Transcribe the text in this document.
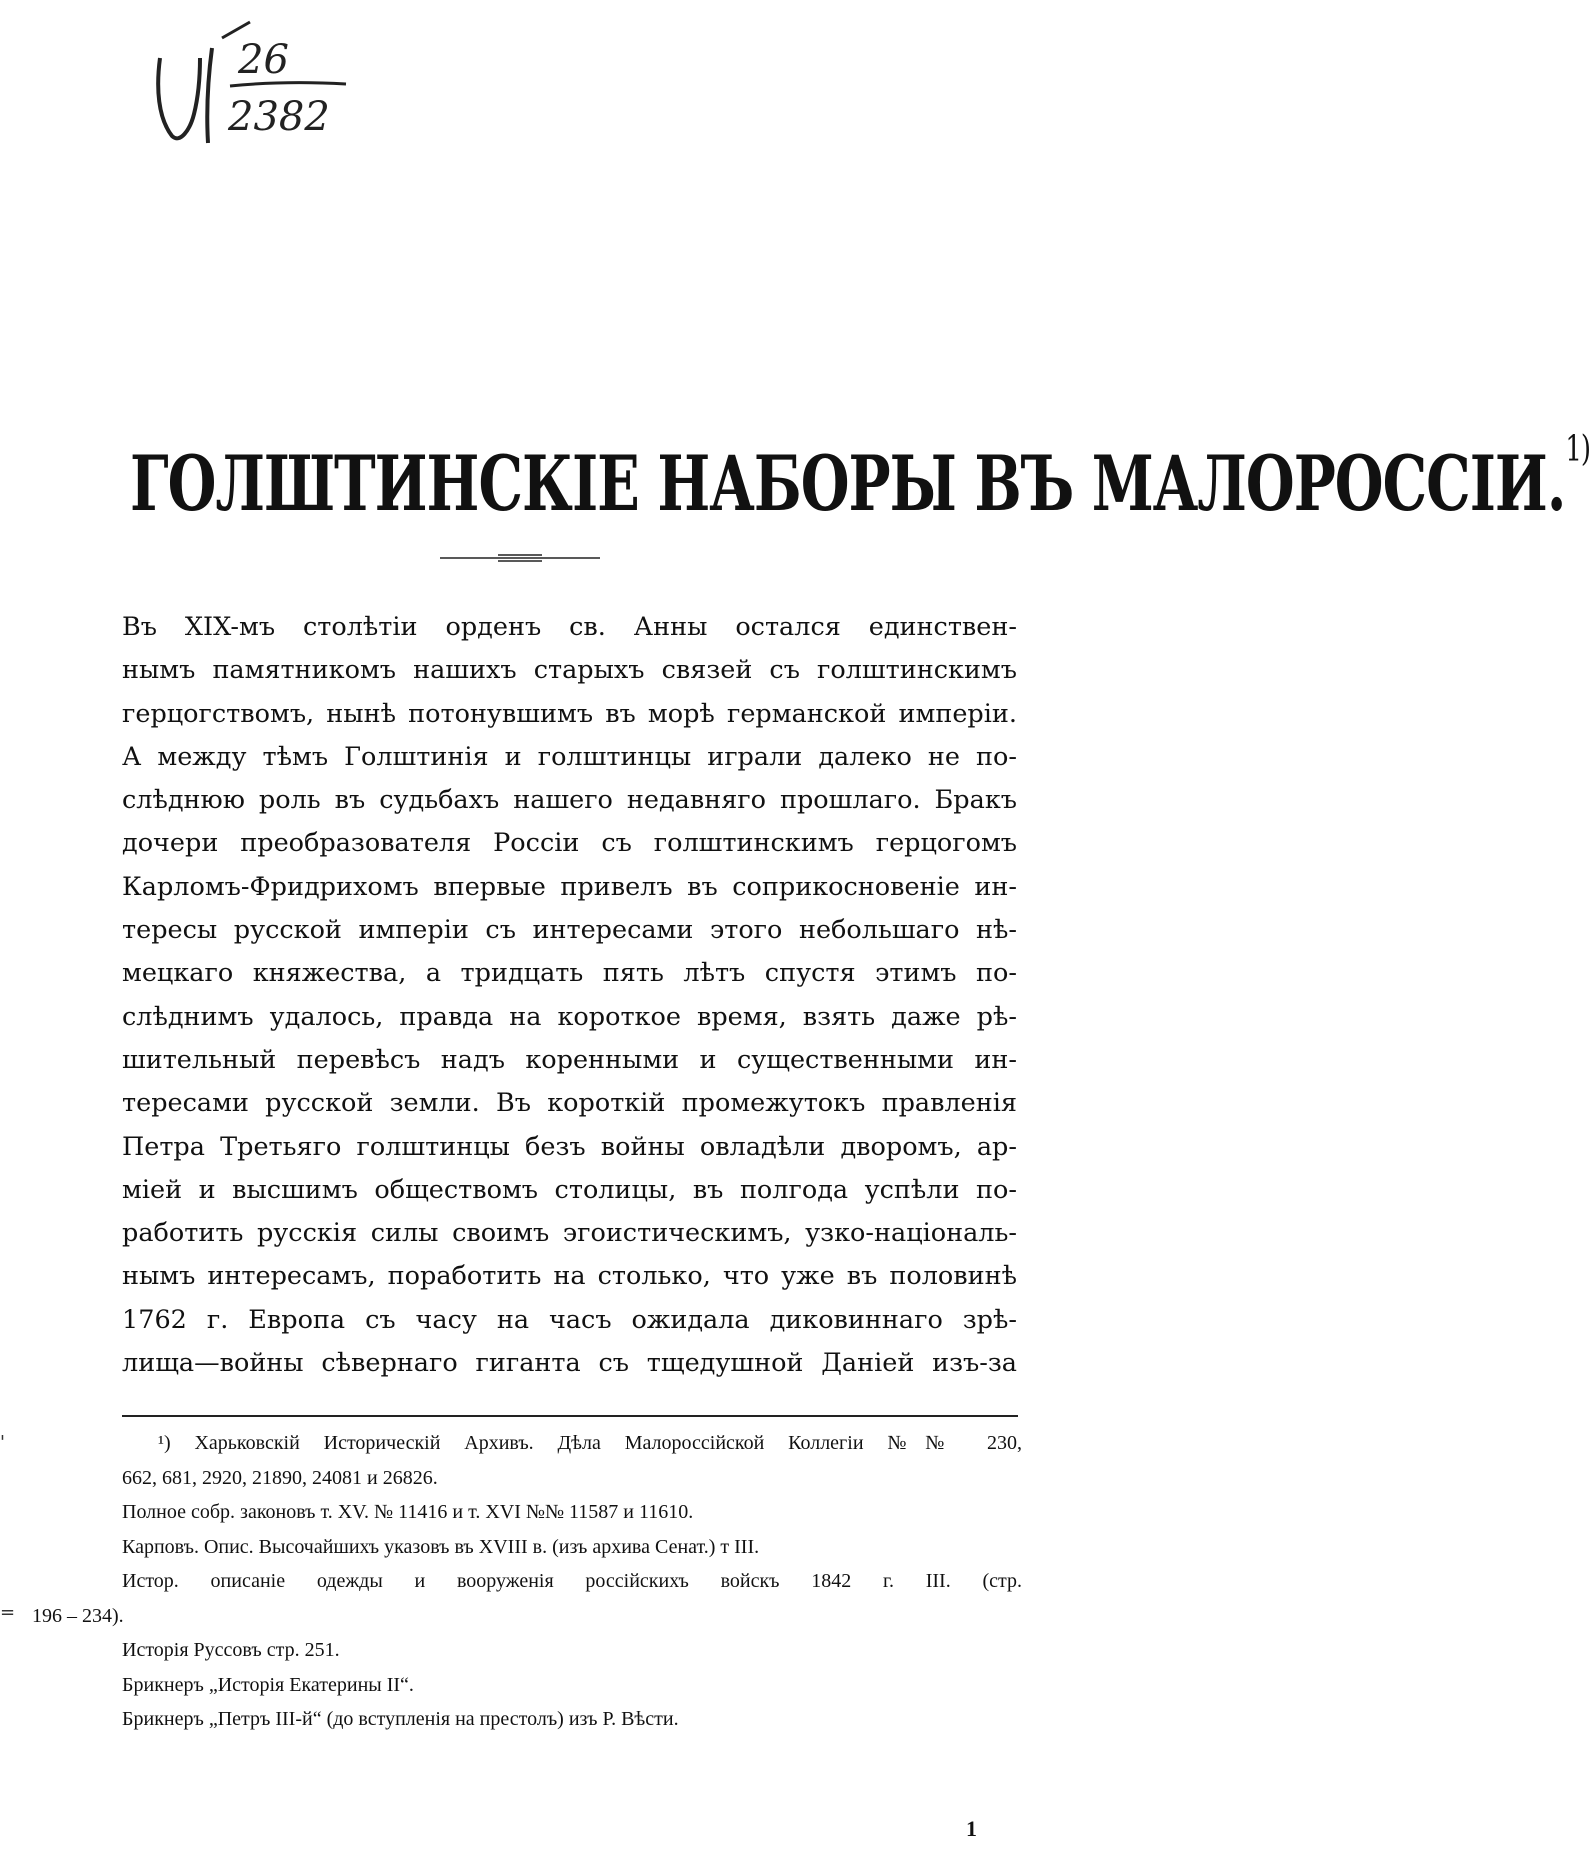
26
2382
ГОЛШТИНСКІЕ НАБОРЫ ВЪ МАЛОРОССІИ.$^{1)}$
Въ XIX-мъ столѣтіи орденъ св. Анны остался единствен-
нымъ памятникомъ нашихъ старыхъ связей съ голштинскимъ
герцогствомъ, нынѣ потонувшимъ въ морѣ германской имперіи.
А между тѣмъ Голштинія и голштинцы играли далеко не по-
слѣднюю роль въ судьбахъ нашего недавняго прошлаго. Бракъ
дочери преобразователя Россіи съ голштинскимъ герцогомъ
Карломъ-Фридрихомъ впервые привелъ въ соприкосновеніе ин-
тересы русской имперіи съ интересами этого небольшаго нѣ-
мецкаго княжества, а тридцать пять лѣтъ спустя этимъ по-
слѣднимъ удалось, правда на короткое время, взять даже рѣ-
шительный перевѣсъ надъ коренными и существенными ин-
тересами русской земли. Въ короткій промежутокъ правленія
Петра Третьяго голштинцы безъ войны овладѣли дворомъ, ар-
міей и высшимъ обществомъ столицы, въ полгода успѣли по-
работить русскія силы своимъ эгоистическимъ, узко-національ-
нымъ интересамъ, поработить на столько, что уже въ половинѣ
1762 г. Европа съ часу на часъ ожидала диковиннаго зрѣ-
лища—войны сѣвернаго гиганта съ тщедушной Даніей изъ-за
¹) Харьковскій Историческій Архивъ. Дѣла Малороссійской Коллегіи №№ 230,
662, 681, 2920, 21890, 24081 и 26826.
Полное собр. законовъ т. XV. № 11416 и т. XVI №№ 11587 и 11610.
Карповъ. Опис. Высочайшихъ указовъ въ XVIII в. (изъ архива Сенат.) т III.
Истор. описаніе одежды и вооруженія россійскихъ войскъ 1842 г. III. (стр.
196 – 234).
Исторія Руссовъ стр. 251.
Брикнеръ „Исторія Екатерины II“.
Брикнеръ „Петръ III-й“ (до вступленія на престолъ) изъ Р. Вѣсти.
1
'
=
